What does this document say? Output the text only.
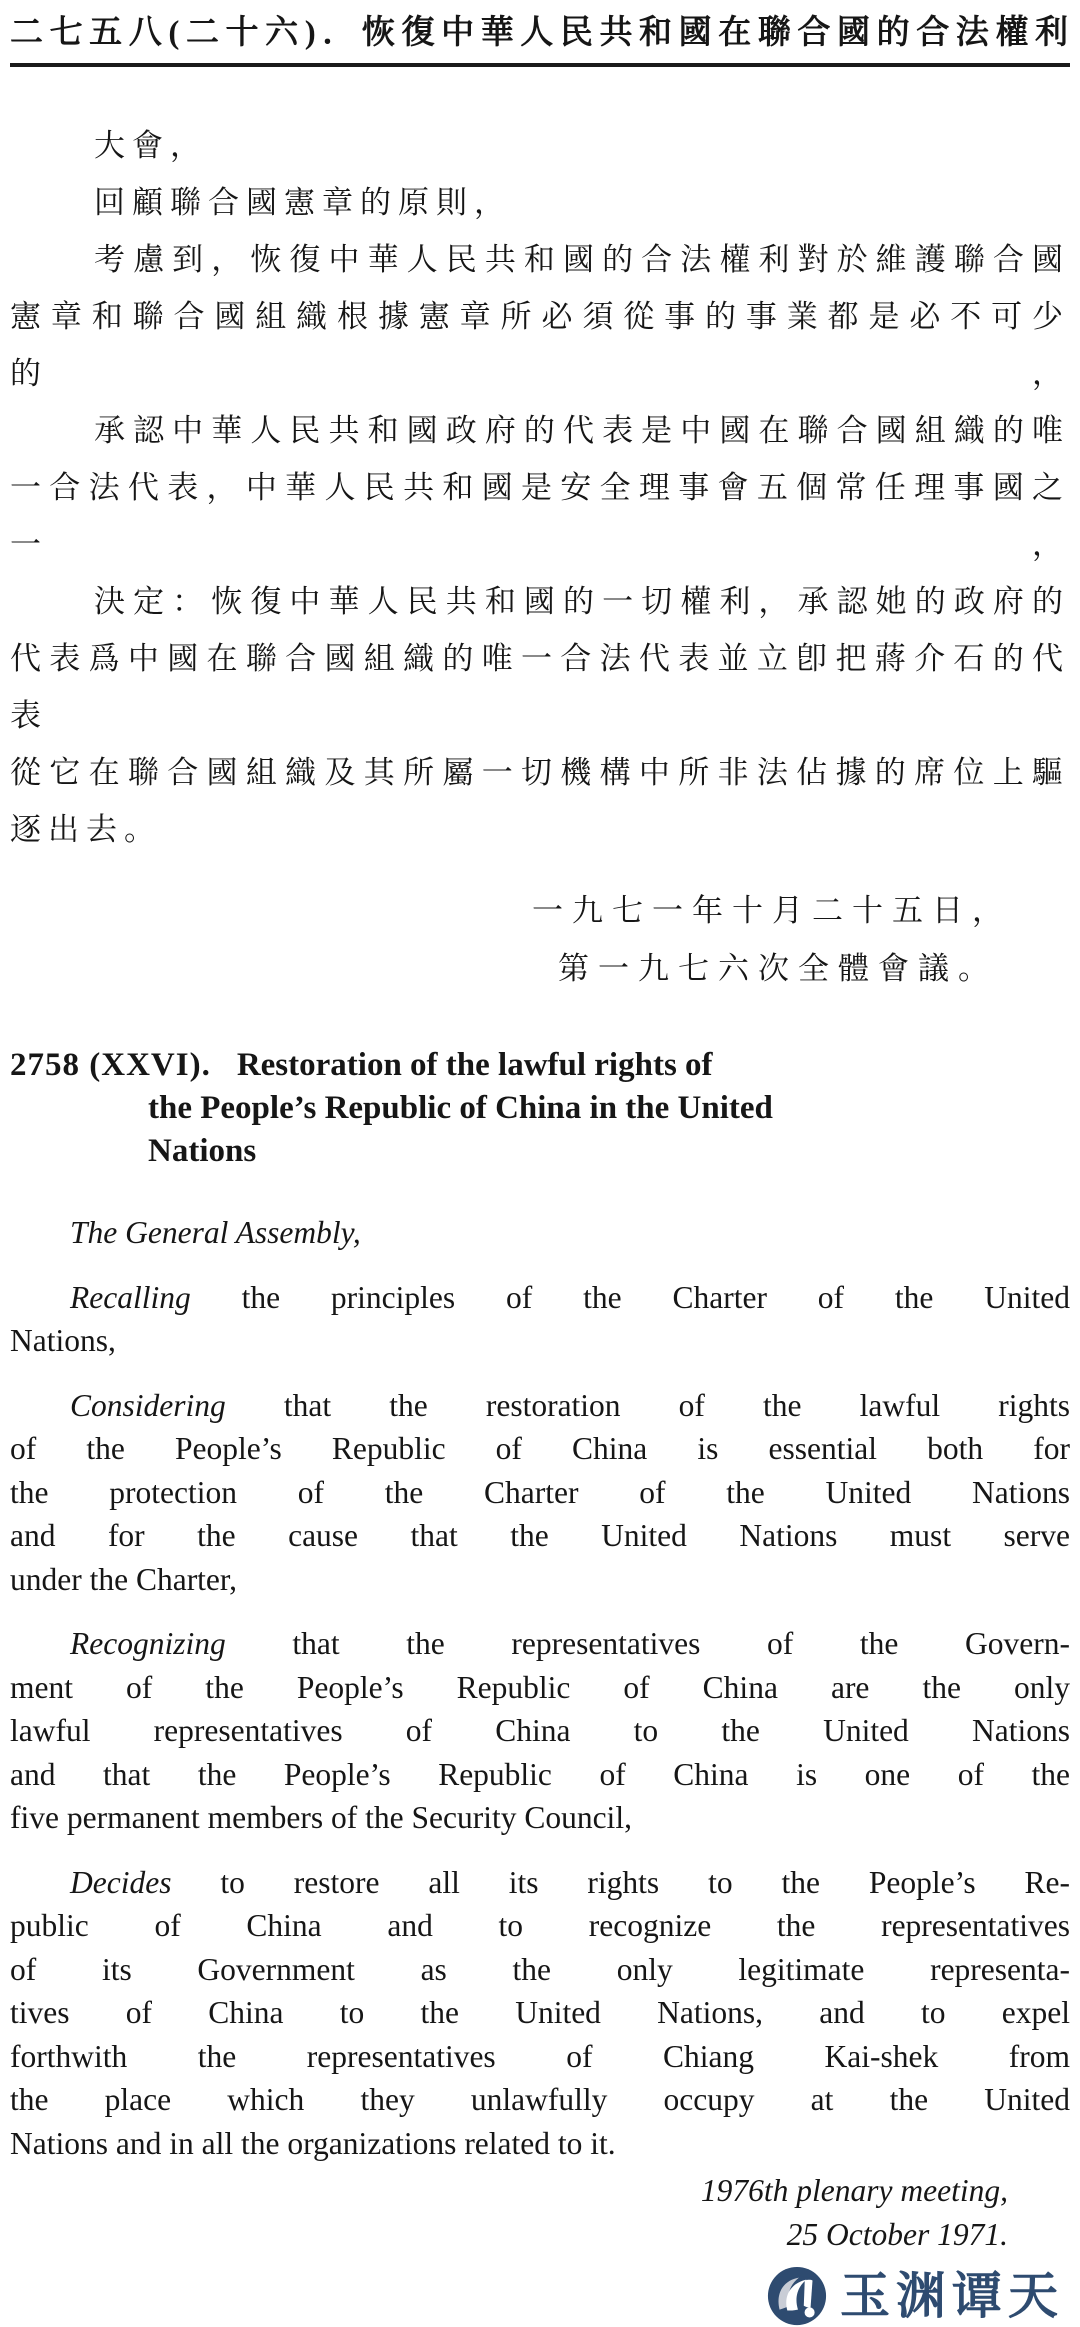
二七五八(二十六)．恢復中華人民共和國在聯合國的合法權利
大會，
回顧聯合國憲章的原則，
考慮到，恢復中華人民共和國的合法權利對於維護聯合國
憲章和聯合國組織根據憲章所必須從事的事業都是必不可少的，
承認中華人民共和國政府的代表是中國在聯合國組織的唯
一合法代表，中華人民共和國是安全理事會五個常任理事國之一，
決定：恢復中華人民共和國的一切權利，承認她的政府的
代表爲中國在聯合國組織的唯一合法代表並立卽把蔣介石的代表
從它在聯合國組織及其所屬一切機構中所非法佔據的席位上驅
逐出去。
一九七一年十月二十五日，
第一九七六次全體會議。
2758 (XXVI). Restoration of the lawful rights of
the People’s Republic of China in the United
Nations
The General Assembly,
Recalling the principles of the Charter of the United
Nations,
Considering that the restoration of the lawful rights
of the People’s Republic of China is essential both for
the protection of the Charter of the United Nations
and for the cause that the United Nations must serve
under the Charter,
Recognizing that the representatives of the Govern-
ment of the People’s Republic of China are the only
lawful representatives of China to the United Nations
and that the People’s Republic of China is one of the
five permanent members of the Security Council,
Decides to restore all its rights to the People’s Re-
public of China and to recognize the representatives
of its Government as the only legitimate representa-
tives of China to the United Nations, and to expel
forthwith the representatives of Chiang Kai-shek from
the place which they unlawfully occupy at the United
Nations and in all the organizations related to it.
1976th plenary meeting,
25 October 1971.
玉渊谭天
